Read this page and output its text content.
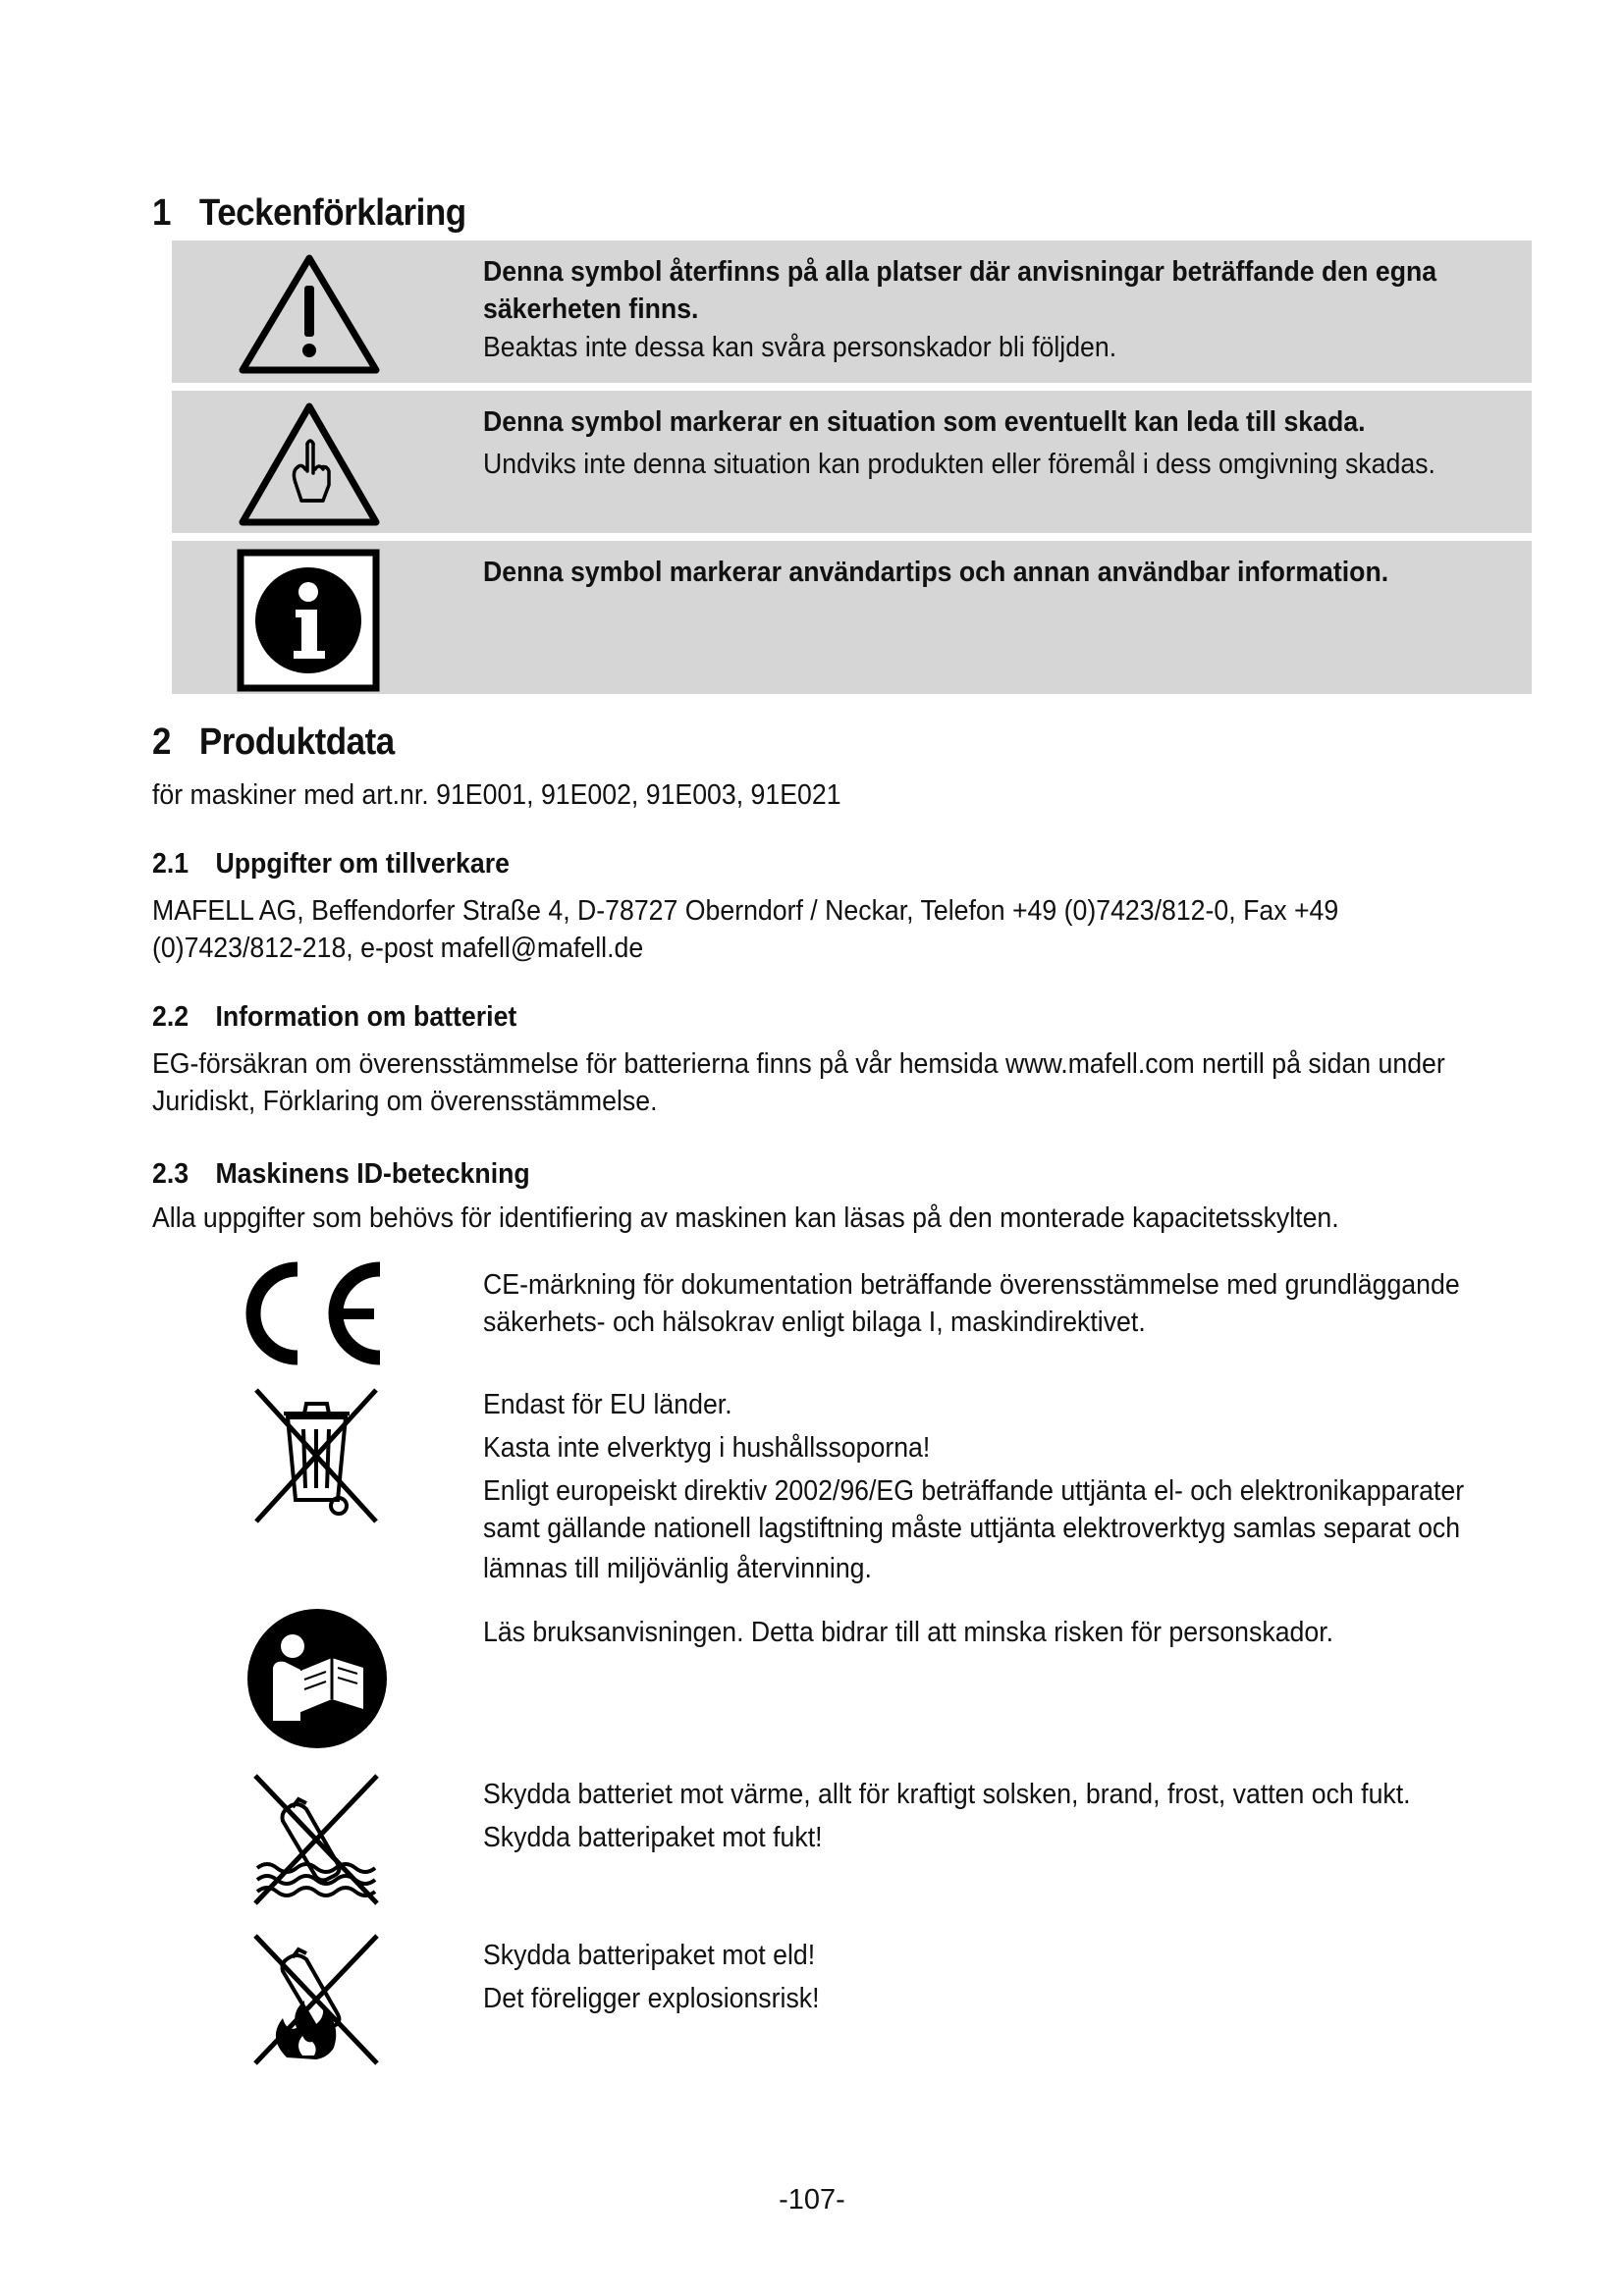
1 Teckenförklaring

Denna symbol återfinns på alla platser där anvisningar beträffande den egna säkerheten finns.

Beaktas inte dessa kan svåra personskador bli följden.

Denna symbol markerar en situation som eventuellt kan leda till skada.

Undviks inte denna situation kan produkten eller föremål i dess omgivning skadas.

Denna symbol markerar användartips och annan användbar information.

2 Produktdata

för maskiner med art.nr. 91E001, 91E002, 91E003, 91E021

2.1 Uppgifter om tillverkare

MAFELL AG, Beffendorfer Straße 4, D-78727 Oberndorf / Neckar, Telefon +49 (0)7423/812-0, Fax +49

(0)7423/812-218, e-post mafell@mafell.de

2.2 Information om batteriet

EG-försäkran om överensstämmelse för batterierna finns på vår hemsida www.mafell.com nertill på sidan under

Juridiskt, Förklaring om överensstämmelse.

2.3 Maskinens ID-beteckning

Alla uppgifter som behövs för identifiering av maskinen kan läsas på den monterade kapacitetsskylten.

CE-märkning för dokumentation beträffande överensstämmelse med grundläggande

säkerhets- och hälsokrav enligt bilaga I, maskindirektivet.

Endast för EU länder.

Kasta inte elverktyg i hushållssoporna!

Enligt europeiskt direktiv 2002/96/EG beträffande uttjänta el- och elektronikapparater

samt gällande nationell lagstiftning måste uttjänta elektroverktyg samlas separat och

lämnas till miljövänlig återvinning.

Läs bruksanvisningen. Detta bidrar till att minska risken för personskador.

Skydda batteriet mot värme, allt för kraftigt solsken, brand, frost, vatten och fukt.

Skydda batteripaket mot fukt!

Skydda batteripaket mot eld!

Det föreligger explosionsrisk!

-107-
